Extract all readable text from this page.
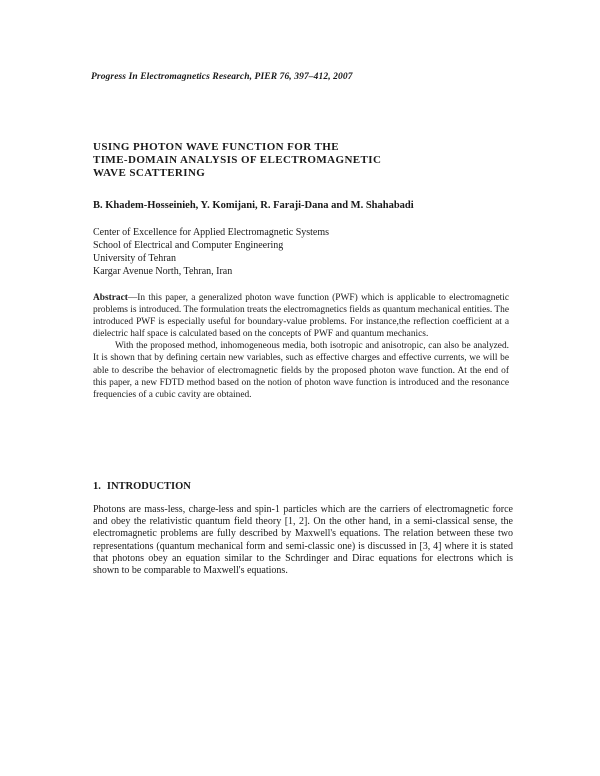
Progress In Electromagnetics Research, PIER 76, 397–412, 2007
USING PHOTON WAVE FUNCTION FOR THE
TIME-DOMAIN ANALYSIS OF ELECTROMAGNETIC
WAVE SCATTERING
B. Khadem-Hosseinieh, Y. Komijani, R. Faraji-Dana and M. Shahabadi
Center of Excellence for Applied Electromagnetic Systems
School of Electrical and Computer Engineering
University of Tehran
Kargar Avenue North, Tehran, Iran

Abstract—In this paper, a generalized photon wave function (PWF) which is applicable to electromagnetic problems is introduced. The formulation treats the electromagnetics fields as quantum mechanical entities. The introduced PWF is especially useful for boundary-value problems. For instance,the reflection coefficient at a dielectric half space is calculated based on the concepts of PWF and quantum mechanics.

With the proposed method, inhomogeneous media, both isotropic and anisotropic, can also be analyzed. It is shown that by defining certain new variables, such as effective charges and effective currents, we will be able to describe the behavior of electromagnetic fields by the proposed photon wave function. At the end of this paper, a new FDTD method based on the notion of photon wave function is introduced and the resonance frequencies of a cubic cavity are obtained.

1. INTRODUCTION

Photons are mass-less, charge-less and spin-1 particles which are the carriers of electromagnetic force and obey the relativistic quantum field theory [1, 2]. On the other hand, in a semi-classical sense, the electromagnetic problems are fully described by Maxwell's equations. The relation between these two representations (quantum mechanical form and semi-classic one) is discussed in [3, 4] where it is stated that photons obey an equation similar to the Schrdinger and Dirac equations for electrons which is shown to be comparable to Maxwell's equations.
